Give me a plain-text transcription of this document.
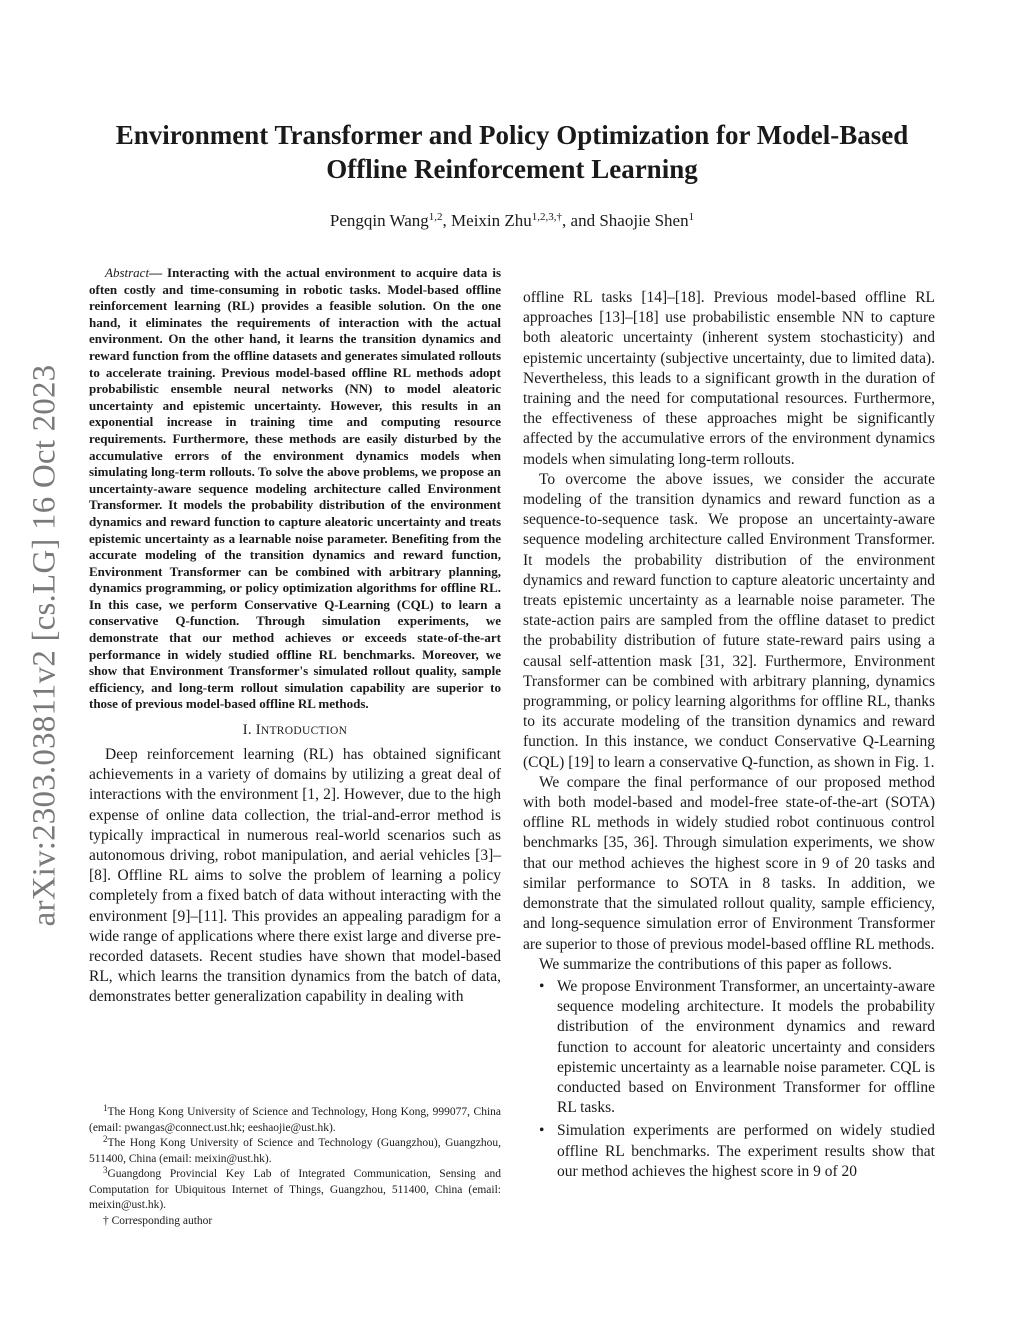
arXiv:2303.03811v2 [cs.LG] 16 Oct 2023
Environment Transformer and Policy Optimization for Model-Based
Offline Reinforcement Learning
Pengqin Wang$^{1,2}$, Meixin Zhu$^{1,2,3,\dagger}$, and Shaojie Shen$^1$

Abstract— Interacting with the actual environment to acquire data is often costly and time-consuming in robotic tasks. Model-based offline reinforcement learning (RL) provides a feasible solution. On the one hand, it eliminates the requirements of interaction with the actual environment. On the other hand, it learns the transition dynamics and reward function from the offline datasets and generates simulated rollouts to accelerate training. Previous model-based offline RL methods adopt probabilistic ensemble neural networks (NN) to model aleatoric uncertainty and epistemic uncertainty. However, this results in an exponential increase in training time and computing resource requirements. Furthermore, these methods are easily disturbed by the accumulative errors of the environment dynamics models when simulating long-term rollouts. To solve the above problems, we propose an uncertainty-aware sequence modeling architecture called Environment Transformer. It models the probability distribution of the environment dynamics and reward function to capture aleatoric uncertainty and treats epistemic uncertainty as a learnable noise parameter. Benefiting from the accurate modeling of the transition dynamics and reward function, Environment Transformer can be combined with arbitrary planning, dynamics programming, or policy optimization algorithms for offline RL. In this case, we perform Conservative Q-Learning (CQL) to learn a conservative Q-function. Through simulation experiments, we demonstrate that our method achieves or exceeds state-of-the-art performance in widely studied offline RL benchmarks. Moreover, we show that Environment Transformer's simulated rollout quality, sample efficiency, and long-term rollout simulation capability are superior to those of previous model-based offline RL methods.

I. INTRODUCTION

Deep reinforcement learning (RL) has obtained significant achievements in a variety of domains by utilizing a great deal of interactions with the environment [1, 2]. However, due to the high expense of online data collection, the trial-and-error method is typically impractical in numerous real-world scenarios such as autonomous driving, robot manipulation, and aerial vehicles [3]–[8]. Offline RL aims to solve the problem of learning a policy completely from a fixed batch of data without interacting with the environment [9]–[11]. This provides an appealing paradigm for a wide range of applications where there exist large and diverse pre-recorded datasets. Recent studies have shown that model-based RL, which learns the transition dynamics from the batch of data, demonstrates better generalization capability in dealing with

$^1$The Hong Kong University of Science and Technology, Hong Kong, 999077, China (email: pwangas@connect.ust.hk; eeshaojie@ust.hk).

$^2$The Hong Kong University of Science and Technology (Guangzhou), Guangzhou, 511400, China (email: meixin@ust.hk).

$^3$Guangdong Provincial Key Lab of Integrated Communication, Sensing and Computation for Ubiquitous Internet of Things, Guangzhou, 511400, China (email: meixin@ust.hk).

† Corresponding author

offline RL tasks [14]–[18]. Previous model-based offline RL approaches [13]–[18] use probabilistic ensemble NN to capture both aleatoric uncertainty (inherent system stochasticity) and epistemic uncertainty (subjective uncertainty, due to limited data). Nevertheless, this leads to a significant growth in the duration of training and the need for computational resources. Furthermore, the effectiveness of these approaches might be significantly affected by the accumulative errors of the environment dynamics models when simulating long-term rollouts.

To overcome the above issues, we consider the accurate modeling of the transition dynamics and reward function as a sequence-to-sequence task. We propose an uncertainty-aware sequence modeling architecture called Environment Transformer. It models the probability distribution of the environment dynamics and reward function to capture aleatoric uncertainty and treats epistemic uncertainty as a learnable noise parameter. The state-action pairs are sampled from the offline dataset to predict the probability distribution of future state-reward pairs using a causal self-attention mask [31, 32]. Furthermore, Environment Transformer can be combined with arbitrary planning, dynamics programming, or policy learning algorithms for offline RL, thanks to its accurate modeling of the transition dynamics and reward function. In this instance, we conduct Conservative Q-Learning (CQL) [19] to learn a conservative Q-function, as shown in Fig. 1.

We compare the final performance of our proposed method with both model-based and model-free state-of-the-art (SOTA) offline RL methods in widely studied robot continuous control benchmarks [35, 36]. Through simulation experiments, we show that our method achieves the highest score in 9 of 20 tasks and similar performance to SOTA in 8 tasks. In addition, we demonstrate that the simulated rollout quality, sample efficiency, and long-sequence simulation error of Environment Transformer are superior to those of previous model-based offline RL methods.

We summarize the contributions of this paper as follows.

• We propose Environment Transformer, an uncertainty-aware sequence modeling architecture. It models the probability distribution of the environment dynamics and reward function to account for aleatoric uncertainty and considers epistemic uncertainty as a learnable noise parameter. CQL is conducted based on Environment Transformer for offline RL tasks.
• Simulation experiments are performed on widely studied offline RL benchmarks. The experiment results show that our method achieves the highest score in 9 of 20
